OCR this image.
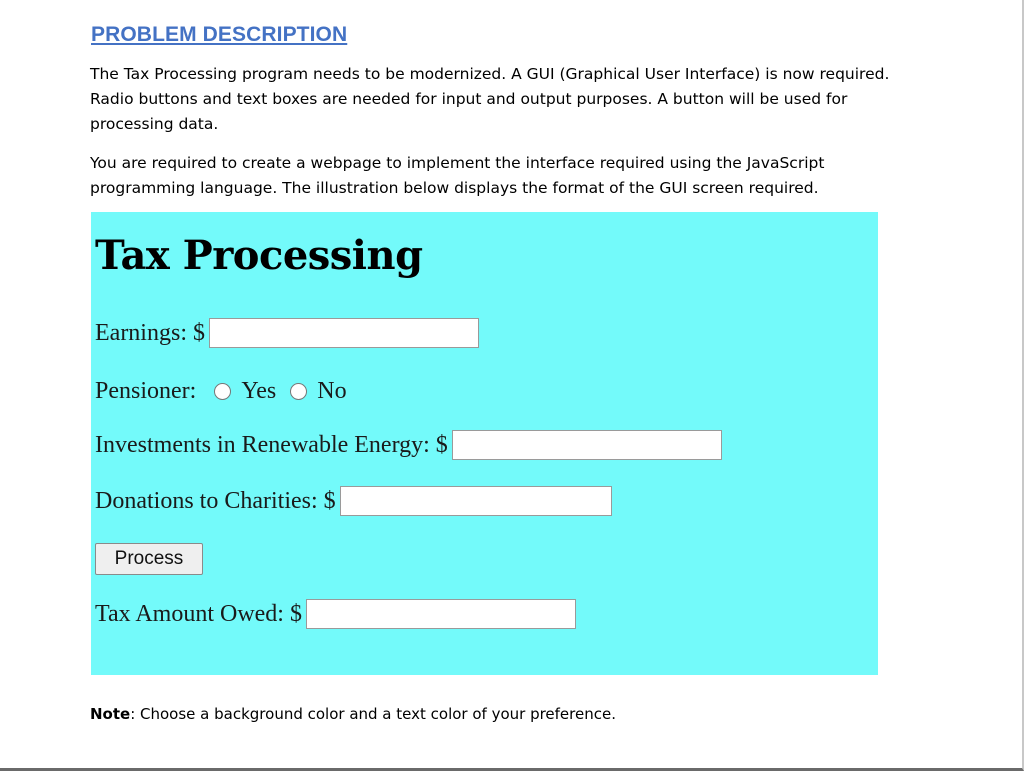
PROBLEM DESCRIPTION

The Tax Processing program needs to be modernized. A GUI (Graphical User Interface) is now required. Radio buttons and text boxes are needed for input and output purposes. A button will be used for processing data.

You are required to create a webpage to implement the interface required using the JavaScript programming language. The illustration below displays the format of the GUI screen required.

Tax Processing
Earnings: $
Pensioner: Yes No
Investments in Renewable Energy: $
Donations to Charities: $
Process
Tax Amount Owed: $

Note: Choose a background color and a text color of your preference.
